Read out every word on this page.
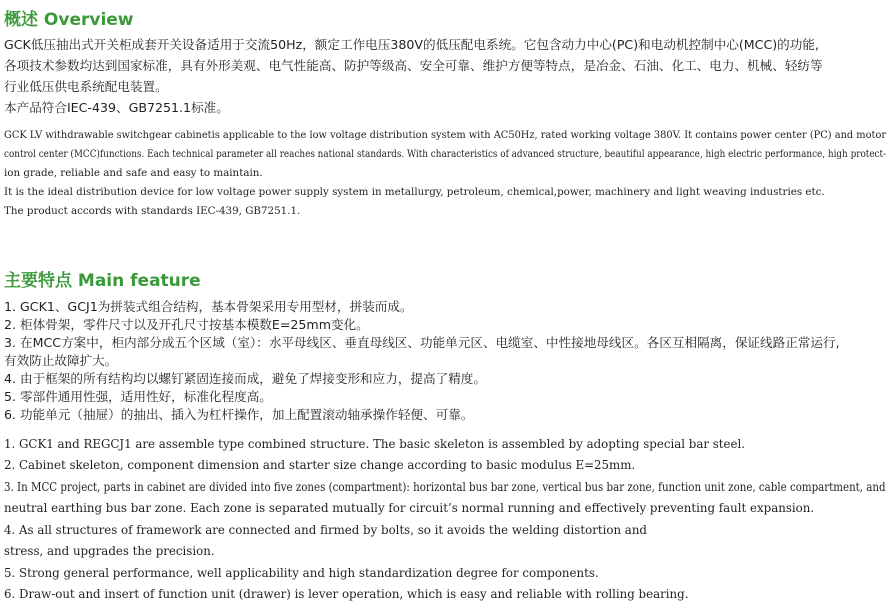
概述 Overview

GCK低压抽出式开关柜成套开关设备适用于交流50Hz，额定工作电压380V的低压配电系统。它包含动力中心(PC)和电动机控制中心(MCC)的功能,

各项技术参数均达到国家标准，具有外形美观、电气性能高、防护等级高、安全可靠、维护方便等特点，是冶金、石油、化工、电力、机械、轻纺等

行业低压供电系统配电装置。

本产品符合IEC-439、GB7251.1标准。

GCK LV withdrawable switchgear cabinetis applicable to the low voltage distribution system with AC50Hz, rated working voltage 380V. It contains power center (PC) and motor

control center (MCC)functions. Each technical parameter all reaches national standards. With characteristics of advanced structure, beautiful appearance, high electric performance, high protect-

ion grade, reliable and safe and easy to maintain.

It is the ideal distribution device for low voltage power supply system in metallurgy, petroleum, chemical,power, machinery and light weaving industries etc.

The product accords with standards IEC-439, GB7251.1.

主要特点 Main feature

1. GCK1、GCJ1为拼装式组合结构，基本骨架采用专用型材，拼装而成。

2. 柜体骨架，零件尺寸以及开孔尺寸按基本模数E=25mm变化。

3. 在MCC方案中，柜内部分成五个区域（室）：水平母线区、垂直母线区、功能单元区、电缆室、中性接地母线区。各区互相隔离，保证线路正常运行,

有效防止故障扩大。

4. 由于框架的所有结构均以螺钉紧固连接而成，避免了焊接变形和应力，提高了精度。

5. 零部件通用性强，适用性好，标准化程度高。

6. 功能单元（抽屉）的抽出、插入为杠杆操作，加上配置滚动轴承操作轻便、可靠。

1. GCK1 and REGCJ1 are assemble type combined structure. The basic skeleton is assembled by adopting special bar steel.

2. Cabinet skeleton, component dimension and starter size change according to basic modulus E=25mm.

3. In MCC project, parts in cabinet are divided into five zones (compartment): horizontal bus bar zone, vertical bus bar zone, function unit zone, cable compartment, and

neutral earthing bus bar zone. Each zone is separated mutually for circuit’s normal running and effectively preventing fault expansion.

4. As all structures of framework are connected and firmed by bolts, so it avoids the welding distortion and

stress, and upgrades the precision.

5. Strong general performance, well applicability and high standardization degree for components.

6. Draw-out and insert of function unit (drawer) is lever operation, which is easy and reliable with rolling bearing.
